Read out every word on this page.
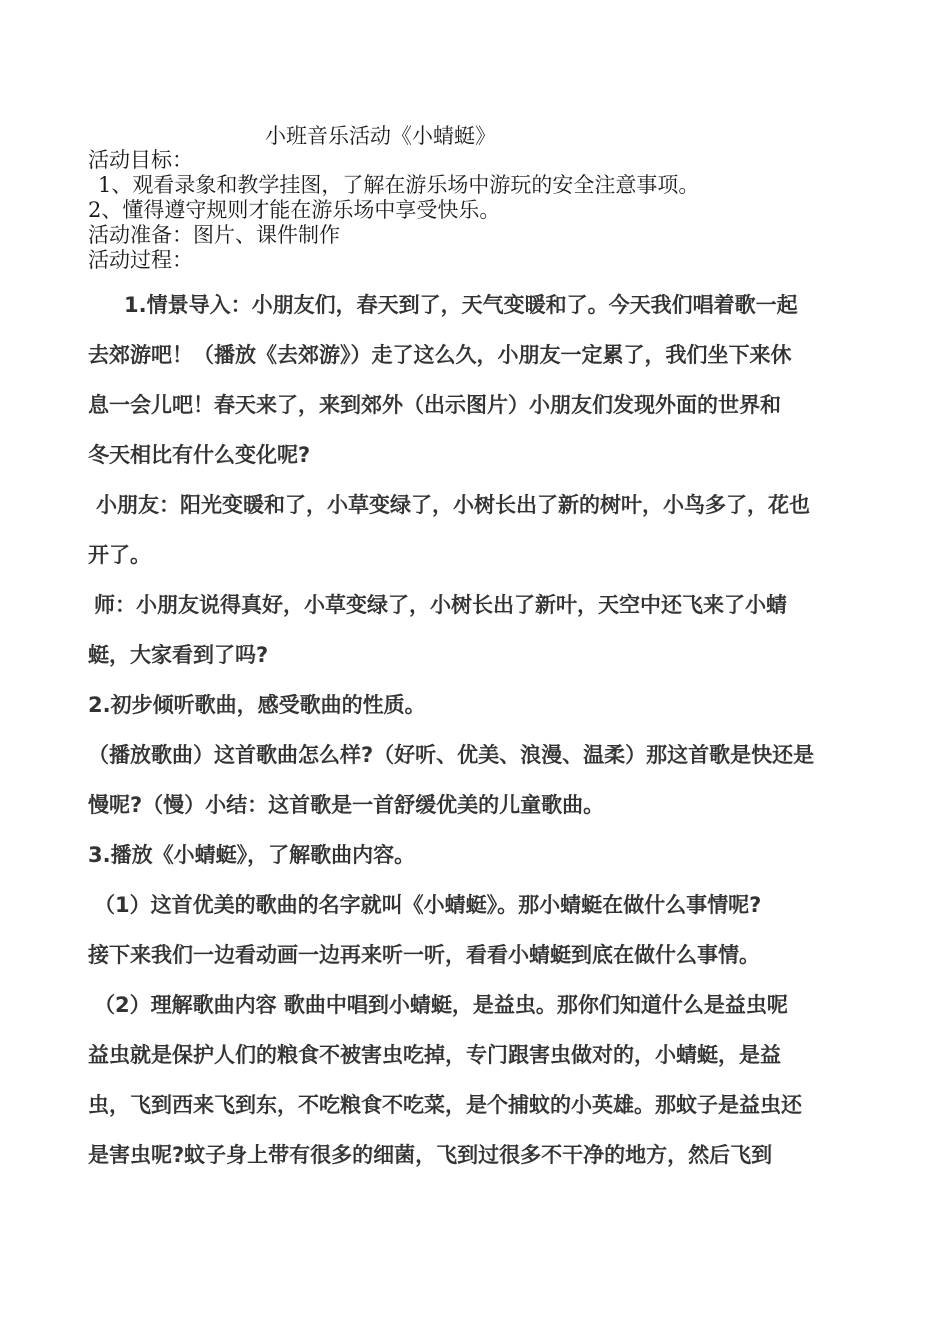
小班音乐活动《小蜻蜓》
活动目标：
1、观看录象和教学挂图，了解在游乐场中游玩的安全注意事项。
2、懂得遵守规则才能在游乐场中享受快乐。
活动准备：图片、课件制作
活动过程：
1.情景导入：小朋友们，春天到了，天气变暖和了。今天我们唱着歌一起
去郊游吧！（播放《去郊游》）走了这么久，小朋友一定累了，我们坐下来休
息一会儿吧！春天来了，来到郊外（出示图片）小朋友们发现外面的世界和
冬天相比有什么变化呢?
小朋友：阳光变暖和了，小草变绿了，小树长出了新的树叶，小鸟多了，花也
开了。
师：小朋友说得真好，小草变绿了，小树长出了新叶，天空中还飞来了小蜻
蜓，大家看到了吗?
2.初步倾听歌曲，感受歌曲的性质。
（播放歌曲）这首歌曲怎么样?（好听、优美、浪漫、温柔）那这首歌是快还是
慢呢?（慢）小结：这首歌是一首舒缓优美的儿童歌曲。
3.播放《小蜻蜓》，了解歌曲内容。
（1）这首优美的歌曲的名字就叫《小蜻蜓》。那小蜻蜓在做什么事情呢?
接下来我们一边看动画一边再来听一听，看看小蜻蜓到底在做什么事情。
（2）理解歌曲内容 歌曲中唱到小蜻蜓，是益虫。那你们知道什么是益虫呢
益虫就是保护人们的粮食不被害虫吃掉，专门跟害虫做对的，小蜻蜓，是益
虫，飞到西来飞到东，不吃粮食不吃菜，是个捕蚊的小英雄。那蚊子是益虫还
是害虫呢?蚊子身上带有很多的细菌，飞到过很多不干净的地方，然后飞到
